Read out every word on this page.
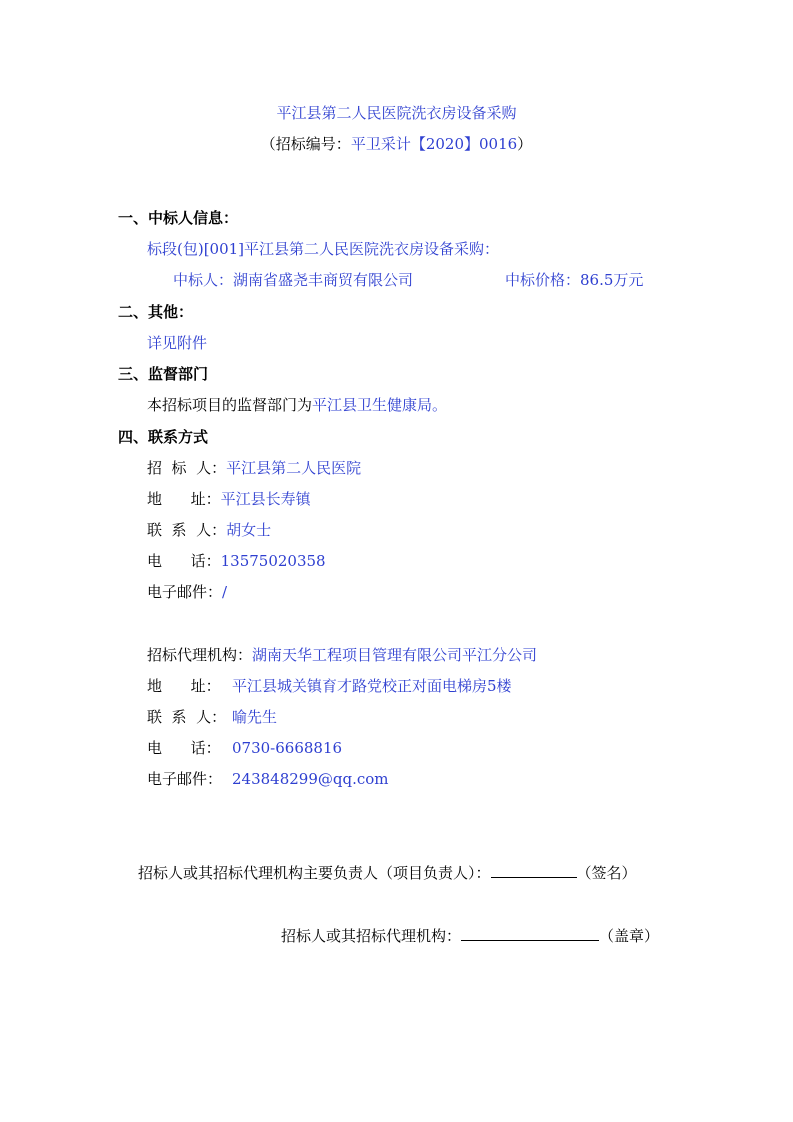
平江县第二人民医院洗衣房设备采购
（招标编号：平卫采计【2020】0016）
一、中标人信息：
标段(包)[001]平江县第二人民医院洗衣房设备采购：
中标人：湖南省盛尧丰商贸有限公司	中标价格：86.5万元
二、其他：
详见附件
三、监督部门
本招标项目的监督部门为平江县卫生健康局。
四、联系方式
招  标  人：平江县第二人民医院
地      址：平江县长寿镇
联  系  人：胡女士
电      话：13575020358
电子邮件：/
招标代理机构：湖南天华工程项目管理有限公司平江分公司
地      址： 平江县城关镇育才路党校正对面电梯房5楼
联  系  人： 喻先生
电      话： 0730-6668816
电子邮件： 243848299@qq.com
招标人或其招标代理机构主要负责人（项目负责人）：	（签名）
招标人或其招标代理机构：	（盖章）
